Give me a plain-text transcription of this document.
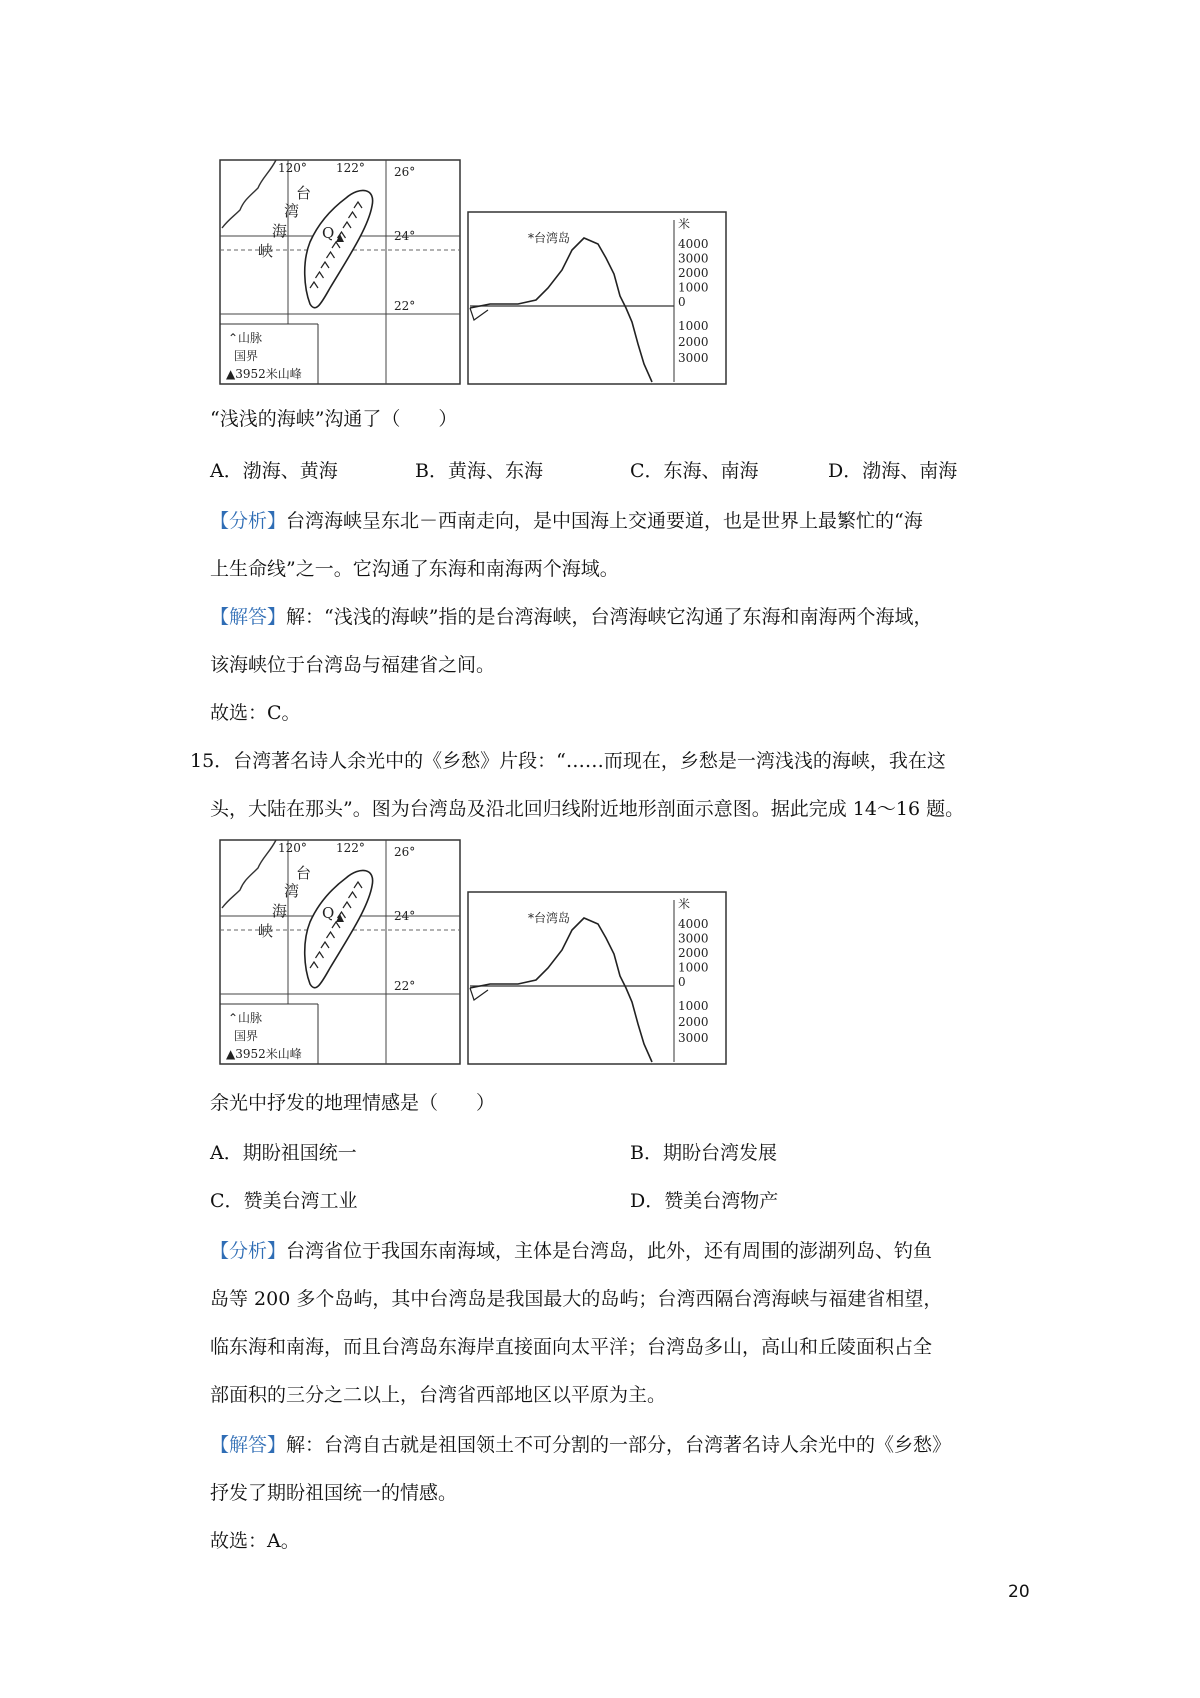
Q
台
湾
海
峡
120° 122° 26°
24°
22°
⌃山脉
国界
▲3952米山峰
米
4000
3000
2000
1000
0
1000
2000
3000
*台湾岛
“浅浅的海峡”沟通了（　　）
A．渤海、黄海	B．黄海、东海	C．东海、南海	D．渤海、南海
【分析】台湾海峡呈东北－西南走向，是中国海上交通要道，也是世界上最繁忙的“海
上生命线”之一。它沟通了东海和南海两个海域。
【解答】解：“浅浅的海峡”指的是台湾海峡，台湾海峡它沟通了东海和南海两个海域，
该海峡位于台湾岛与福建省之间。
故选：C。
15．台湾著名诗人余光中的《乡愁》片段：“……而现在，乡愁是一湾浅浅的海峡，我在这
头，大陆在那头”。图为台湾岛及沿北回归线附近地形剖面示意图。据此完成 14～16 题。
Q
台
湾
海
峡
120° 122° 26°
24°
22°
⌃山脉
国界
▲3952米山峰
米
4000
3000
2000
1000
0
1000
2000
3000
*台湾岛
余光中抒发的地理情感是（　　）
A．期盼祖国统一	B．期盼台湾发展
C．赞美台湾工业	D．赞美台湾物产
【分析】台湾省位于我国东南海域，主体是台湾岛，此外，还有周围的澎湖列岛、钓鱼
岛等 200 多个岛屿，其中台湾岛是我国最大的岛屿；台湾西隔台湾海峡与福建省相望，
临东海和南海，而且台湾岛东海岸直接面向太平洋；台湾岛多山，高山和丘陵面积占全
部面积的三分之二以上，台湾省西部地区以平原为主。
【解答】解：台湾自古就是祖国领土不可分割的一部分，台湾著名诗人余光中的《乡愁》
抒发了期盼祖国统一的情感。
故选：A。
20
